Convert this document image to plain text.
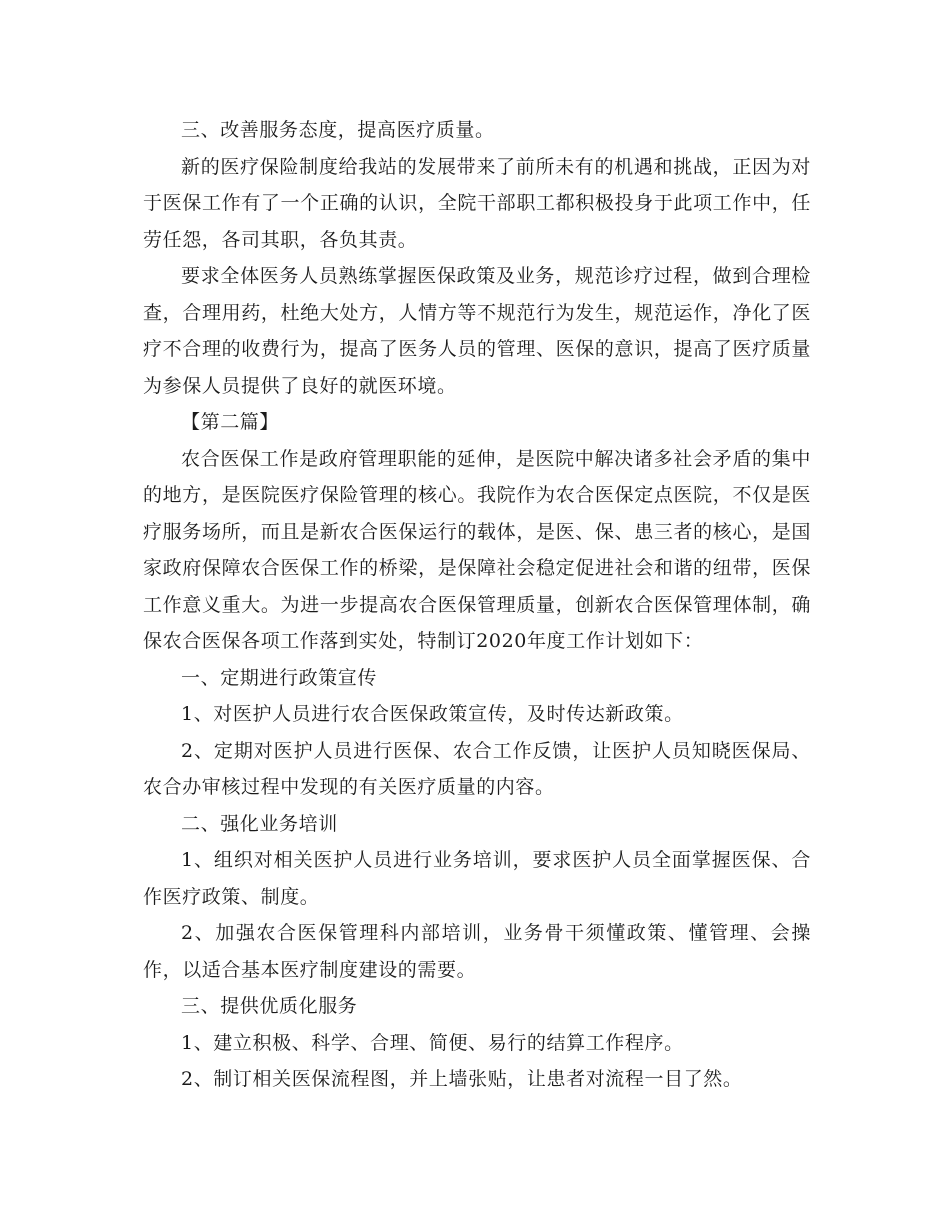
三、改善服务态度，提高医疗质量。

新的医疗保险制度给我站的发展带来了前所未有的机遇和挑战，正因为对于医保工作有了一个正确的认识，全院干部职工都积极投身于此项工作中，任劳任怨，各司其职，各负其责。

要求全体医务人员熟练掌握医保政策及业务，规范诊疗过程，做到合理检查，合理用药，杜绝大处方，人情方等不规范行为发生，规范运作，净化了医疗不合理的收费行为，提高了医务人员的管理、医保的意识，提高了医疗质量为参保人员提供了良好的就医环境。

【第二篇】

农合医保工作是政府管理职能的延伸，是医院中解决诸多社会矛盾的集中的地方，是医院医疗保险管理的核心。我院作为农合医保定点医院，不仅是医疗服务场所，而且是新农合医保运行的载体，是医、保、患三者的核心，是国家政府保障农合医保工作的桥梁，是保障社会稳定促进社会和谐的纽带，医保工作意义重大。为进一步提高农合医保管理质量，创新农合医保管理体制，确保农合医保各项工作落到实处，特制订2020年度工作计划如下：

一、定期进行政策宣传

1、对医护人员进行农合医保政策宣传，及时传达新政策。

2、定期对医护人员进行医保、农合工作反馈，让医护人员知晓医保局、农合办审核过程中发现的有关医疗质量的内容。

二、强化业务培训

1、组织对相关医护人员进行业务培训，要求医护人员全面掌握医保、合作医疗政策、制度。

2、加强农合医保管理科内部培训，业务骨干须懂政策、懂管理、会操作，以适合基本医疗制度建设的需要。

三、提供优质化服务

1、建立积极、科学、合理、简便、易行的结算工作程序。

2、制订相关医保流程图，并上墙张贴，让患者对流程一目了然。
